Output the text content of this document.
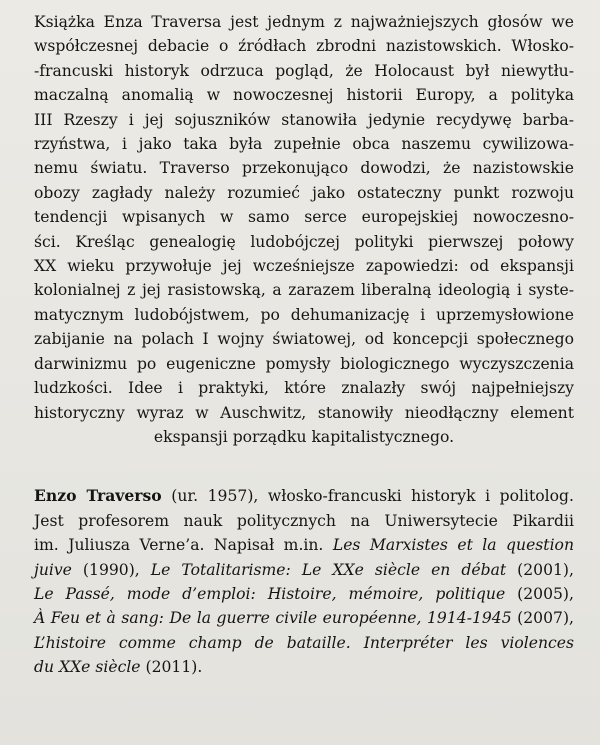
Książka Enza Traversa jest jednym z najważniejszych głosów we
współczesnej debacie o źródłach zbrodni nazistowskich. Włosko-
-francuski historyk odrzuca pogląd, że Holocaust był niewytłu-
maczalną anomalią w nowoczesnej historii Europy, a polityka
III Rzeszy i jej sojuszników stanowiła jedynie recydywę barba-
rzyństwa, i jako taka była zupełnie obca naszemu cywilizowa-
nemu światu. Traverso przekonująco dowodzi, że nazistowskie
obozy zagłady należy rozumieć jako ostateczny punkt rozwoju
tendencji wpisanych w samo serce europejskiej nowoczesno-
ści. Kreśląc genealogię ludobójczej polityki pierwszej połowy
XX wieku przywołuje jej wcześniejsze zapowiedzi: od ekspansji
kolonialnej z jej rasistowską, a zarazem liberalną ideologią i syste-
matycznym ludobójstwem, po dehumanizację i uprzemysłowione
zabijanie na polach I wojny światowej, od koncepcji społecznego
darwinizmu po eugeniczne pomysły biologicznego wyczyszczenia
ludzkości. Idee i praktyki, które znalazły swój najpełniejszy
historyczny wyraz w Auschwitz, stanowiły nieodłączny element
ekspansji porządku kapitalistycznego.

Enzo Traverso (ur. 1957), włosko-francuski historyk i politolog.
Jest profesorem nauk politycznych na Uniwersytecie Pikardii
im. Juliusza Verne’a. Napisał m.in. Les Marxistes et la question
juive (1990), Le Totalitarisme: Le XXe siècle en débat (2001),
Le Passé, mode d’emploi: Histoire, mémoire, politique (2005),
À Feu et à sang: De la guerre civile européenne, 1914-1945 (2007),
L’histoire comme champ de bataille. Interpréter les violences
du XXe siècle (2011).
